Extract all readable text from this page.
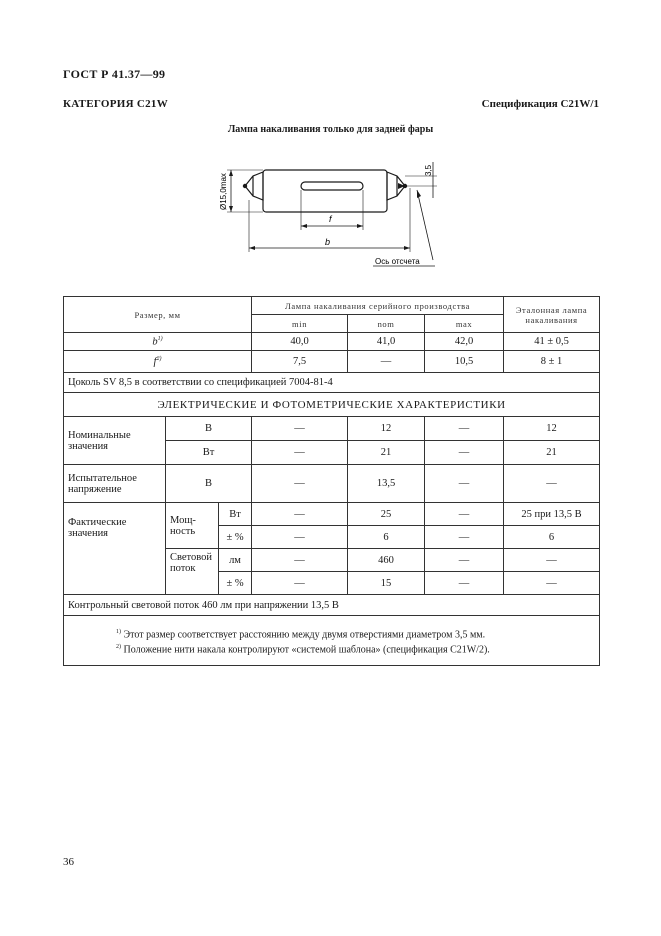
ГОСТ Р 41.37—99
КАТЕГОРИЯ C21W	Спецификация C21W/1
Лампа накаливания только для задней фары
Ø15,0max
3,5
f
b
Ось отсчета
Размер, мм			Лампа накаливания серийного производства			Эталонная лампа накаливания
			min	nom	max	
$b^{1)}$			40,0	41,0	42,0	41 ± 0,5
$f^{2)}$			7,5	—	10,5	8 ± 1
Цоколь SV 8,5 в соответствии со спецификацией 7004-81-4						
ЭЛЕКТРИЧЕСКИЕ И ФОТОМЕТРИЧЕСКИЕ ХАРАКТЕРИСТИКИ						
Номинальные значения	В		—	12	—	12
	Вт		—	21	—	21
Испытательное напряжение	В		—	13,5	—	—
Фактические значения	Мощ-ность	Вт	—	25	—	25 при 13,5 В
		± %	—	6	—	6
	Световой поток	лм	—	460	—	—
		± %	—	15	—	—
Контрольный световой поток 460 лм при напряжении 13,5 В						

$^{1)}$ Этот размер соответствует расстоянию между двумя отверстиями диаметром 3,5 мм.
$^{2)}$ Положение нити накала контролируют «системой шаблона» (спецификация C21W/2).						
36
